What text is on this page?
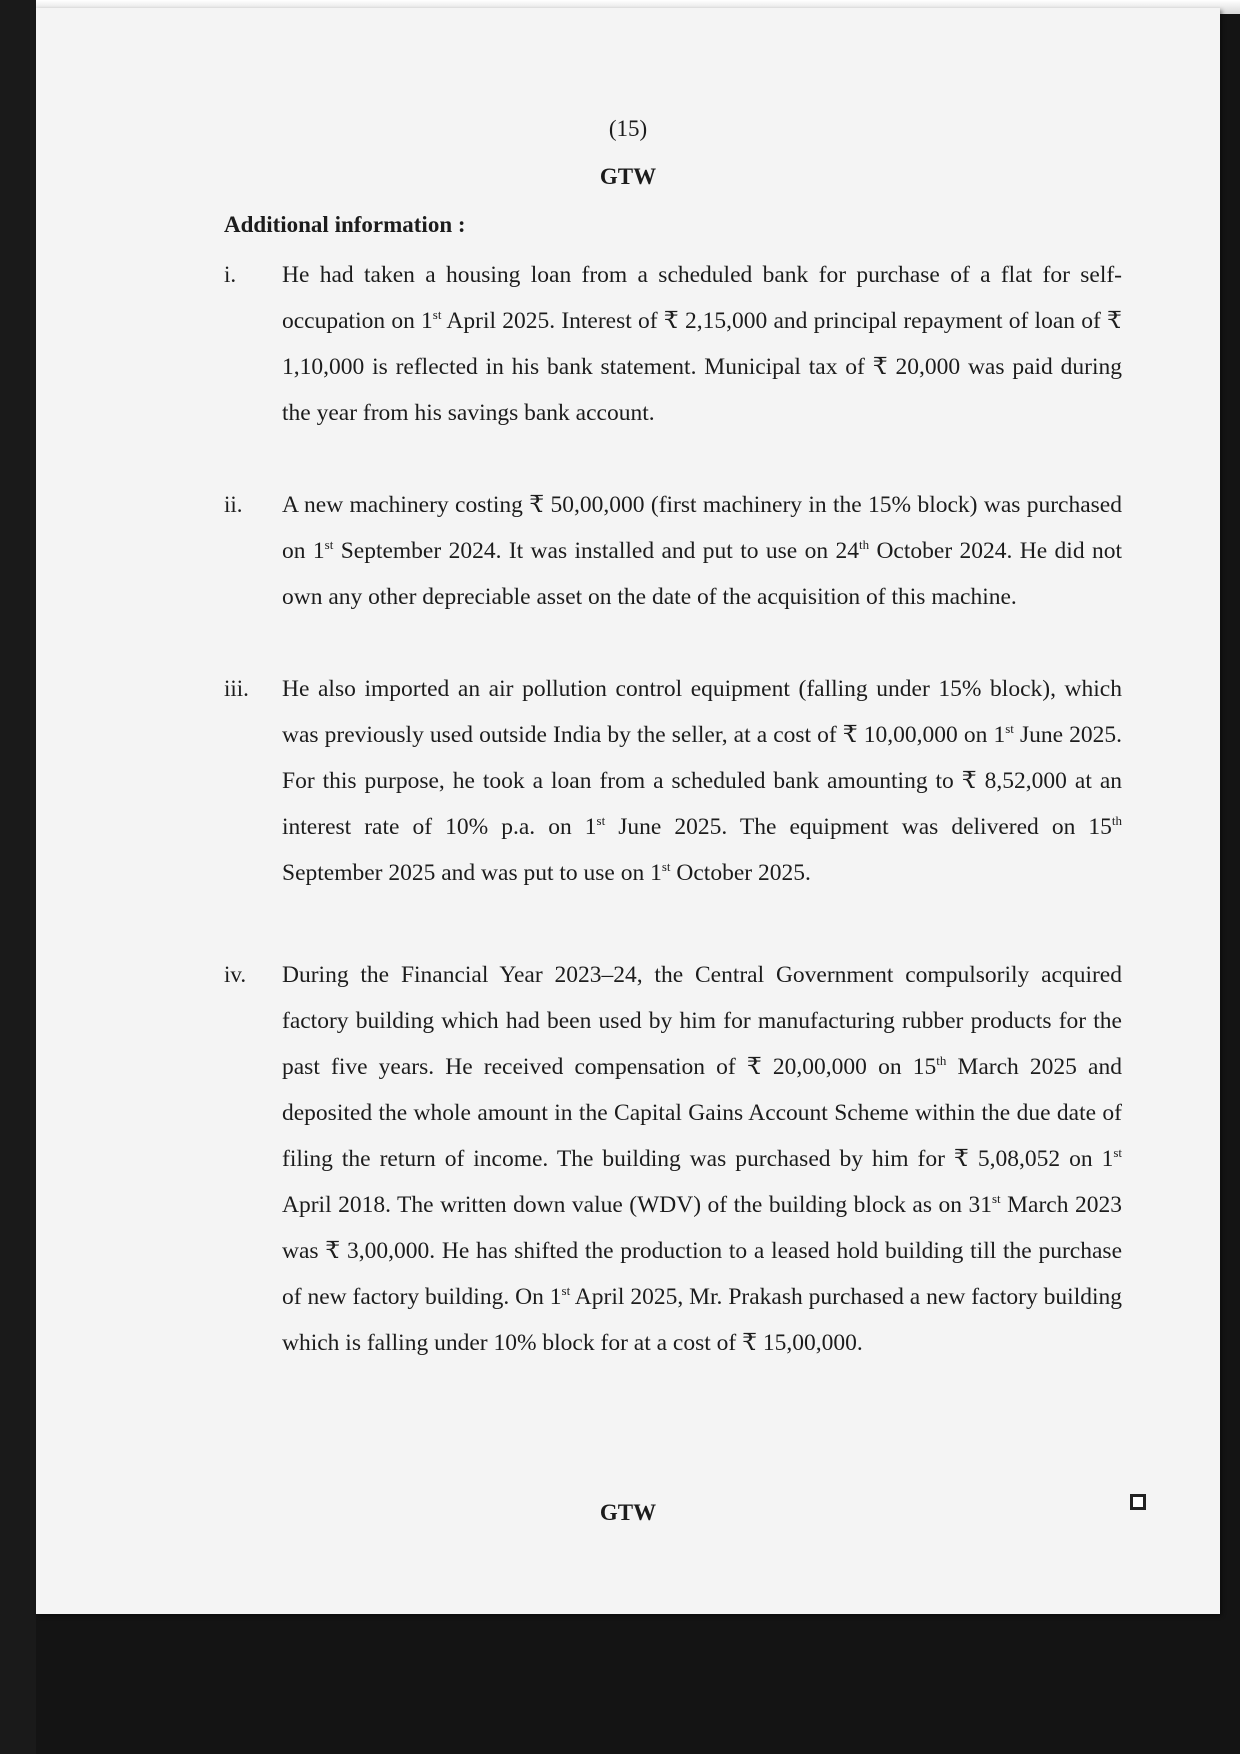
(15)
GTW
Additional information :
i. He had taken a housing loan from a scheduled bank for purchase of a flat for self-occupation on 1st April 2025. Interest of ₹ 2,15,000 and principal repayment of loan of ₹ 1,10,000 is reflected in his bank statement. Municipal tax of ₹ 20,000 was paid during the year from his savings bank account.
ii. A new machinery costing ₹ 50,00,000 (first machinery in the 15% block) was purchased on 1st September 2024. It was installed and put to use on 24th October 2024. He did not own any other depreciable asset on the date of the acquisition of this machine.
iii. He also imported an air pollution control equipment (falling under 15% block), which was previously used outside India by the seller, at a cost of ₹ 10,00,000 on 1st June 2025. For this purpose, he took a loan from a scheduled bank amounting to ₹ 8,52,000 at an interest rate of 10% p.a. on 1st June 2025. The equipment was delivered on 15th September 2025 and was put to use on 1st October 2025.
iv. During the Financial Year 2023–24, the Central Government compulsorily acquired factory building which had been used by him for manufacturing rubber products for the past five years. He received compensation of ₹ 20,00,000 on 15th March 2025 and deposited the whole amount in the Capital Gains Account Scheme within the due date of filing the return of income. The building was purchased by him for ₹ 5,08,052 on 1st April 2018. The written down value (WDV) of the building block as on 31st March 2023 was ₹ 3,00,000. He has shifted the production to a leased hold building till the purchase of new factory building. On 1st April 2025, Mr. Prakash purchased a new factory building which is falling under 10% block for at a cost of ₹ 15,00,000.
GTW
